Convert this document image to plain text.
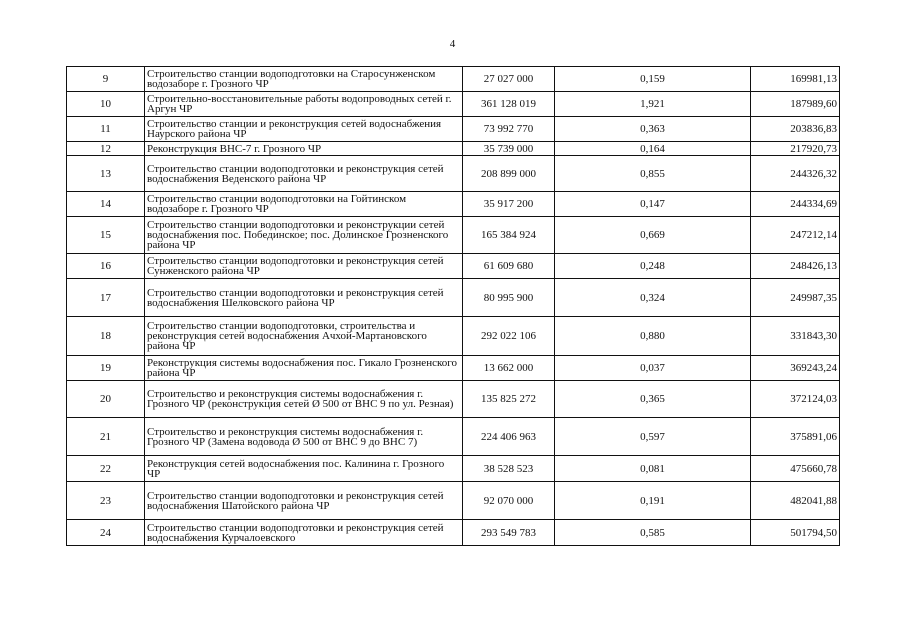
4
9	Строительство станции водоподготовки на Старосунженском водозаборе г. Грозного ЧР	27 027 000	0,159	169981,13
10	Строительно-восстановительные работы водопроводных сетей г. Аргун ЧР	361 128 019	1,921	187989,60
11	Строительство станции и реконструкция сетей водоснабжения Наурского района ЧР	73 992 770	0,363	203836,83
12	Реконструкция ВНС-7 г. Грозного ЧР	35 739 000	0,164	217920,73
13	Строительство станции водоподготовки и реконструкция сетей водоснабжения Веденского района ЧР	208 899 000	0,855	244326,32
14	Строительство станции водоподготовки на Гойтинском водозаборе г. Грозного ЧР	35 917 200	0,147	244334,69
15	Строительство станции водоподготовки и реконструкции сетей водоснабжения пос. Побединское; пос. Долинское Грозненского района ЧР	165 384 924	0,669	247212,14
16	Строительство станции водоподготовки и реконструкция сетей Сунженского района ЧР	61 609 680	0,248	248426,13
17	Строительство станции водоподготовки и реконструкция сетей водоснабжения Шелковского района ЧР	80 995 900	0,324	249987,35
18	Строительство станции водоподготовки, строительства и реконструкция сетей водоснабжения Ачхой-Мартановского района ЧР	292 022 106	0,880	331843,30
19	Реконструкция системы водоснабжения пос. Гикало Грозненского района ЧР	13 662 000	0,037	369243,24
20	Строительство и реконструкция системы водоснабжения г. Грозного ЧР (реконструкция сетей Ø 500 от ВНС 9 по ул. Резная)	135 825 272	0,365	372124,03
21	Строительство и реконструкция системы водоснабжения г. Грозного ЧР (Замена водовода Ø 500 от ВНС 9 до ВНС 7)	224 406 963	0,597	375891,06
22	Реконструкция сетей водоснабжения пос. Калинина г. Грозного ЧР	38 528 523	0,081	475660,78
23	Строительство станции водоподготовки и реконструкция сетей водоснабжения Шатойского района ЧР	92 070 000	0,191	482041,88
24	Строительство станции водоподготовки и реконструкция сетей водоснабжения Курчалоевского	293 549 783	0,585	501794,50
